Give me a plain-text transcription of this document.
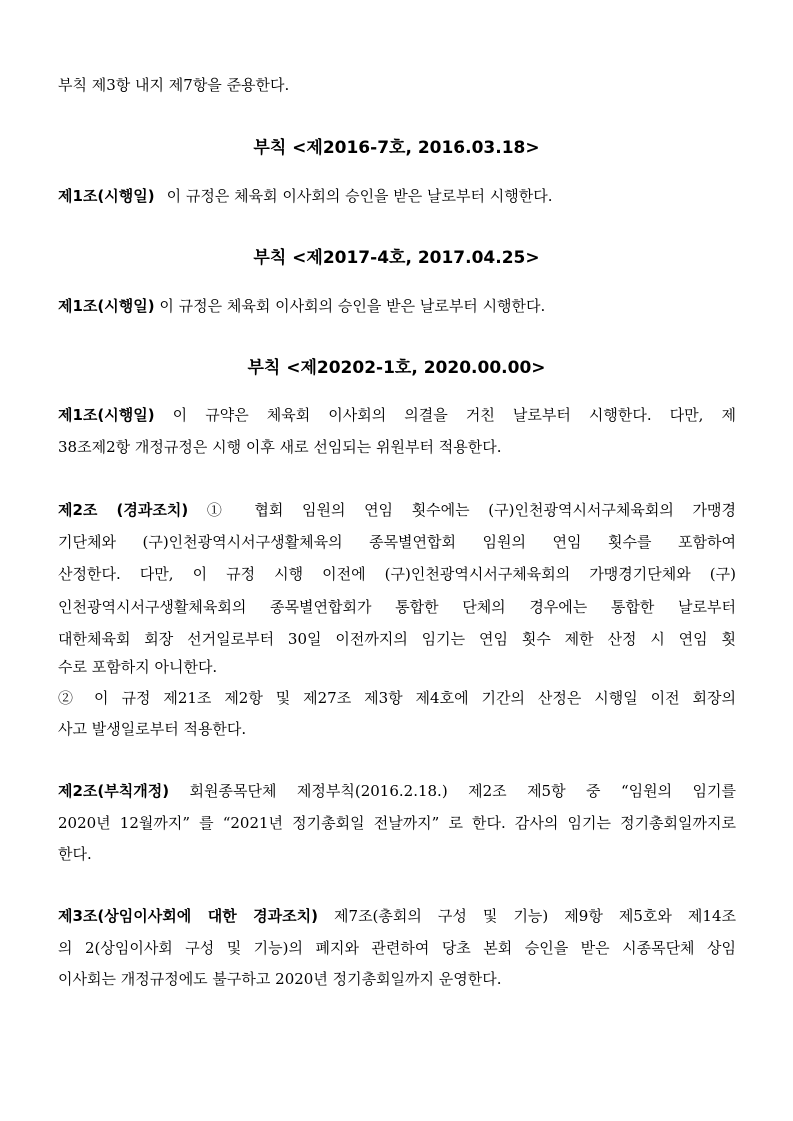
부칙 제3항 내지 제7항을 준용한다.
부칙 <제2016-7호, 2016.03.18>
제1조(시행일) 이 규정은 체육회 이사회의 승인을 받은 날로부터 시행한다.
부칙 <제2017-4호, 2017.04.25>
제1조(시행일) 이 규정은 체육회 이사회의 승인을 받은 날로부터 시행한다.
부칙 <제20202-1호, 2020.00.00>
제1조(시행일) 이 규약은 체육회 이사회의 의결을 거친 날로부터 시행한다. 다만, 제
38조제2항 개정규정은 시행 이후 새로 선임되는 위원부터 적용한다.
제2조 (경과조치) ① 협회 임원의 연임 횟수에는 (구)인천광역시서구체육회의 가맹경
기단체와 (구)인천광역시서구생활체육의 종목별연합회 임원의 연임 횟수를 포함하여
산정한다. 다만, 이 규정 시행 이전에 (구)인천광역시서구체육회의 가맹경기단체와 (구)
인천광역시서구생활체육회의 종목별연합회가 통합한 단체의 경우에는 통합한 날로부터
대한체육회 회장 선거일로부터 30일 이전까지의 임기는 연임 횟수 제한 산정 시 연임 횟
수로 포함하지 아니한다.
② 이 규정 제21조 제2항 및 제27조 제3항 제4호에 기간의 산정은 시행일 이전 회장의
사고 발생일로부터 적용한다.
제2조(부칙개정) 회원종목단체 제정부칙(2016.2.18.) 제2조 제5항 중 “임원의 임기를
2020년 12월까지” 를 “2021년 정기총회일 전날까지” 로 한다. 감사의 임기는 정기총회일까지로
한다.
제3조(상임이사회에 대한 경과조치) 제7조(총회의 구성 및 기능) 제9항 제5호와 제14조
의 2(상임이사회 구성 및 기능)의 폐지와 관련하여 당초 본회 승인을 받은 시종목단체 상임
이사회는 개정규정에도 불구하고 2020년 정기총회일까지 운영한다.
